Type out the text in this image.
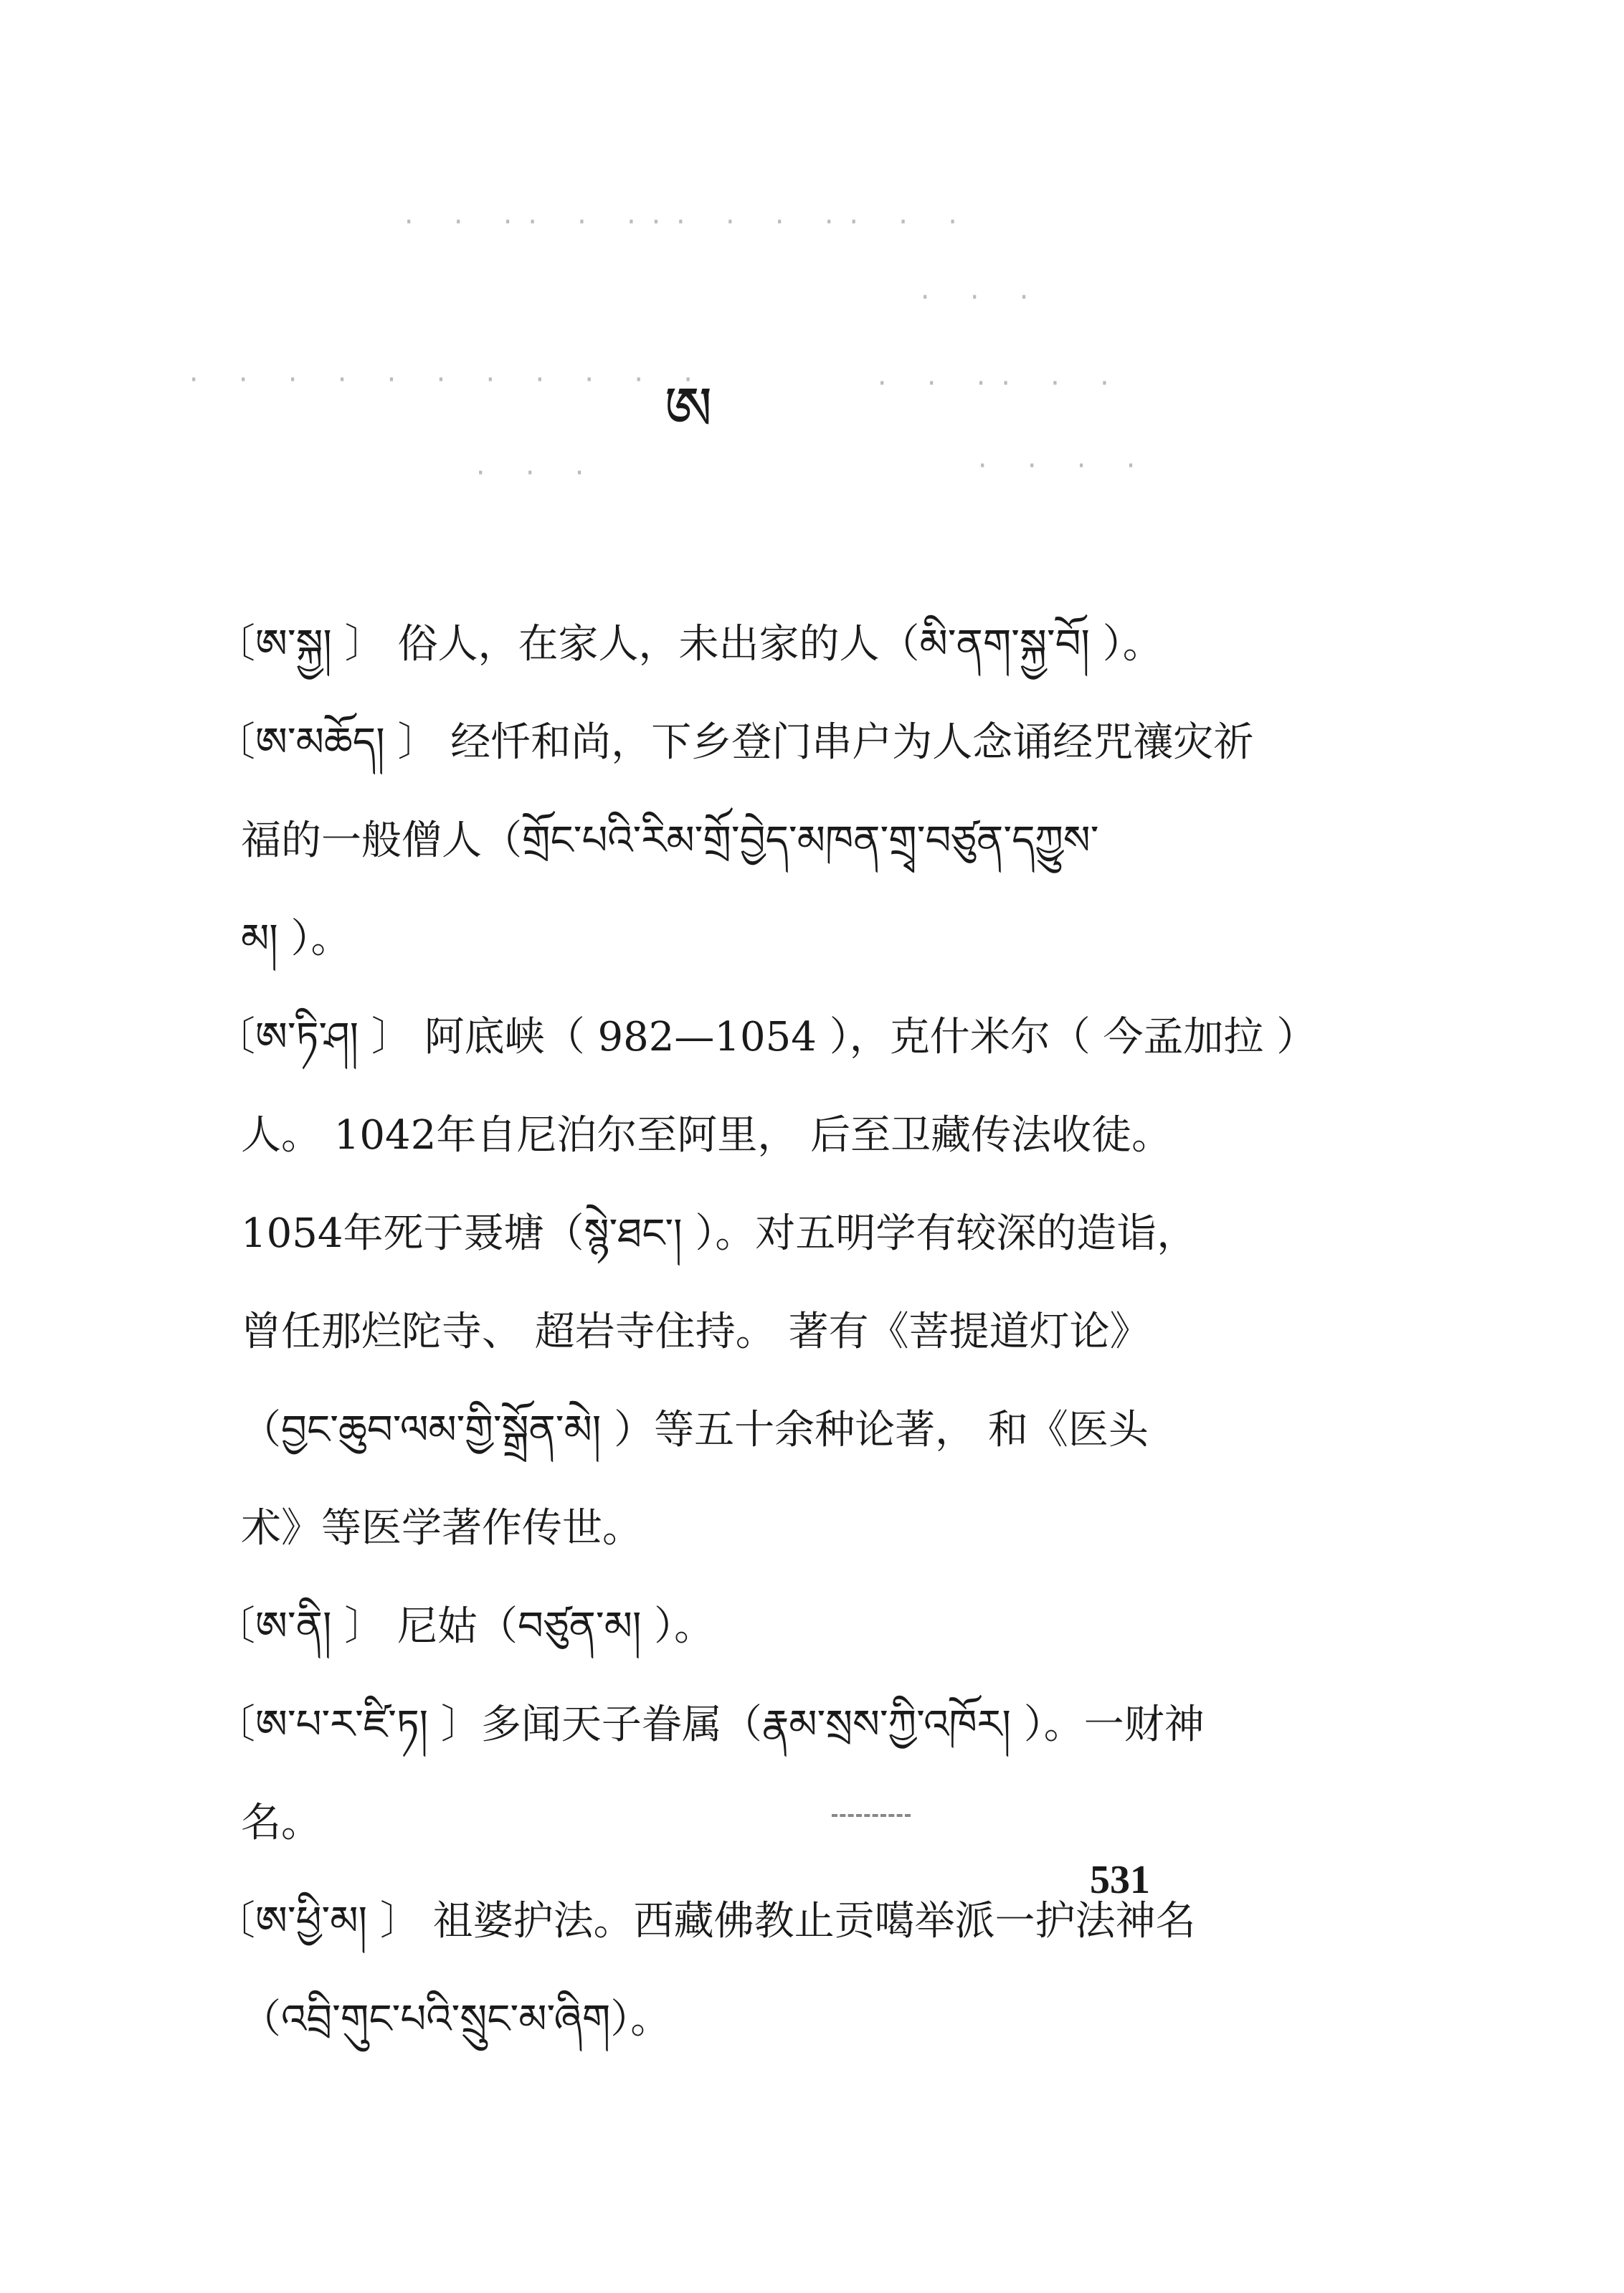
· · ·· · ··· · · ·· · ·
· · ·
· · · · · · · · · · ·	· · ·· · ·
· · ·	· · · ·
ཨ
〔ཨ་སྐྱ། 〕 俗人，在家人，未出家的人（མི་ནག་སྐྱ་བོ། ）。
〔ཨ་མཆོད། 〕 经忏和尚，下乡登门串户为人念诵经咒禳灾祈
福的一般僧人（གྲོང་པའི་རིམ་གྲོ་བྱེད་མཁན་གྲྭ་བཙུན་དཀྱུས་
མ། ）。
〔ཨ་ཏི་ཤ། 〕 阿底峡（ 982—1054 ），克什米尔（ 今孟加拉 ）
人。 1042年自尼泊尔至阿里， 后至卫藏传法收徒。
1054年死于聂塘（སྙེ་ཐང་། ）。对五明学有较深的造诣，
曾任那烂陀寺、 超岩寺住持。 著有《菩提道灯论》
（བྱང་ཆུབ་ལམ་གྱི་སྒྲོན་མེ། ）等五十余种论著， 和《医头
术》等医学著作传世。
〔ཨ་ནི། 〕 尼姑（བཙུན་མ། ）。
〔ཨ་པ་ར་ཛི་ཏ། 〕多闻天子眷属（རྣམ་སྲས་ཀྱི་འཁོར། ）。一财神
名。
〔ཨ་ཕྱི་མ། 〕 祖婆护法。西藏佛教止贡噶举派一护法神名
（འབྲི་གུང་པའི་སྲུང་མ་ཞིག）。
531
